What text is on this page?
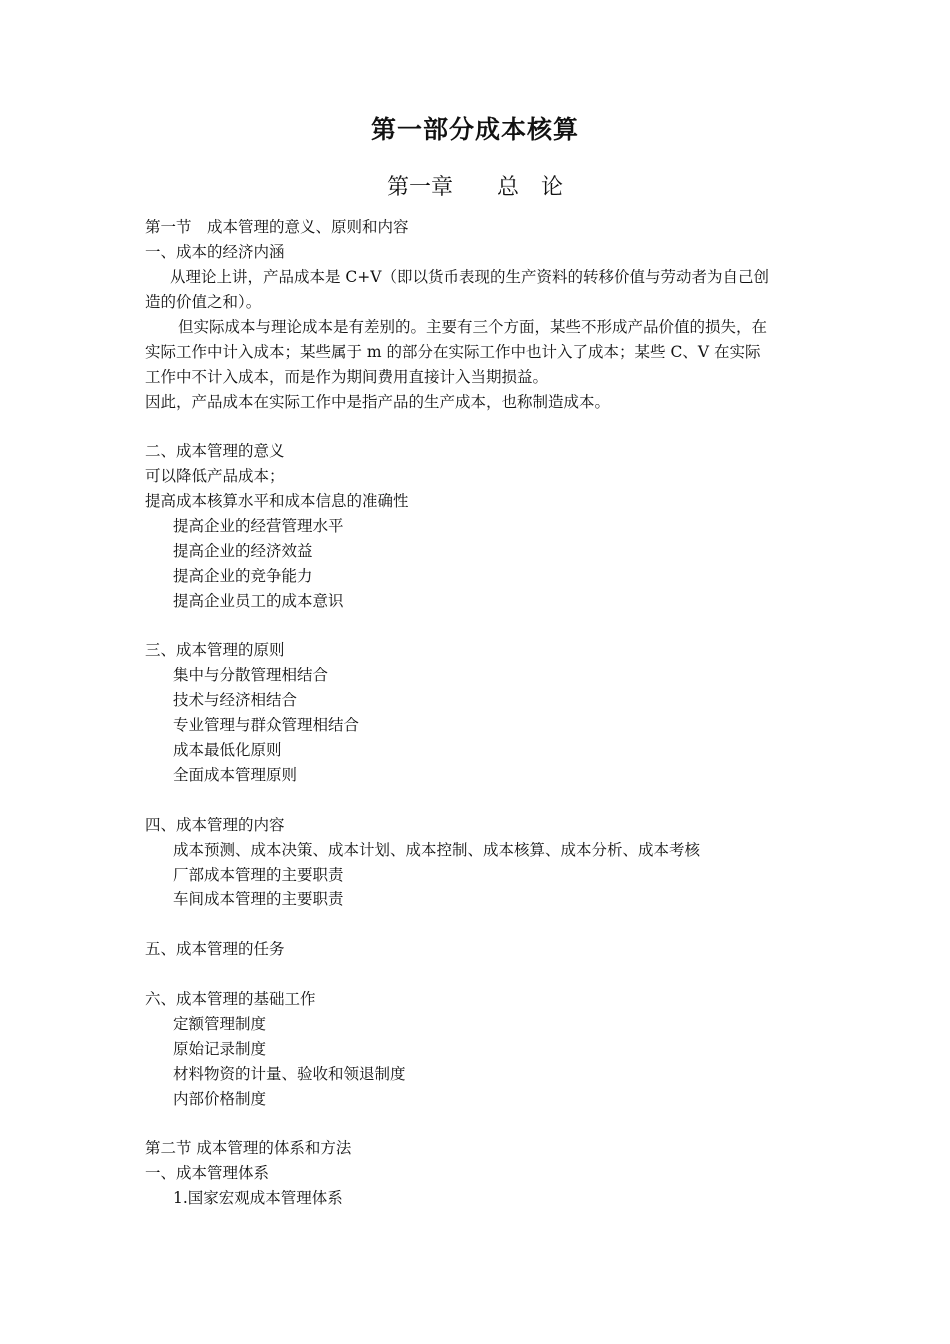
第一部分成本核算
第一章　　总　论
第一节　成本管理的意义、原则和内容
一、成本的经济内涵
从理论上讲，产品成本是 C+V（即以货币表现的生产资料的转移价值与劳动者为自己创
造的价值之和）。
但实际成本与理论成本是有差别的。主要有三个方面，某些不形成产品价值的损失，在
实际工作中计入成本；某些属于 m 的部分在实际工作中也计入了成本；某些 C、V 在实际
工作中不计入成本，而是作为期间费用直接计入当期损益。
因此，产品成本在实际工作中是指产品的生产成本，也称制造成本。
二、成本管理的意义
可以降低产品成本；
提高成本核算水平和成本信息的准确性
提高企业的经营管理水平
提高企业的经济效益
提高企业的竞争能力
提高企业员工的成本意识
三、成本管理的原则
集中与分散管理相结合
技术与经济相结合
专业管理与群众管理相结合
成本最低化原则
全面成本管理原则
四、成本管理的内容
成本预测、成本决策、成本计划、成本控制、成本核算、成本分析、成本考核
厂部成本管理的主要职责
车间成本管理的主要职责
五、成本管理的任务
六、成本管理的基础工作
定额管理制度
原始记录制度
材料物资的计量、验收和领退制度
内部价格制度
第二节 成本管理的体系和方法
一、成本管理体系
1.国家宏观成本管理体系
